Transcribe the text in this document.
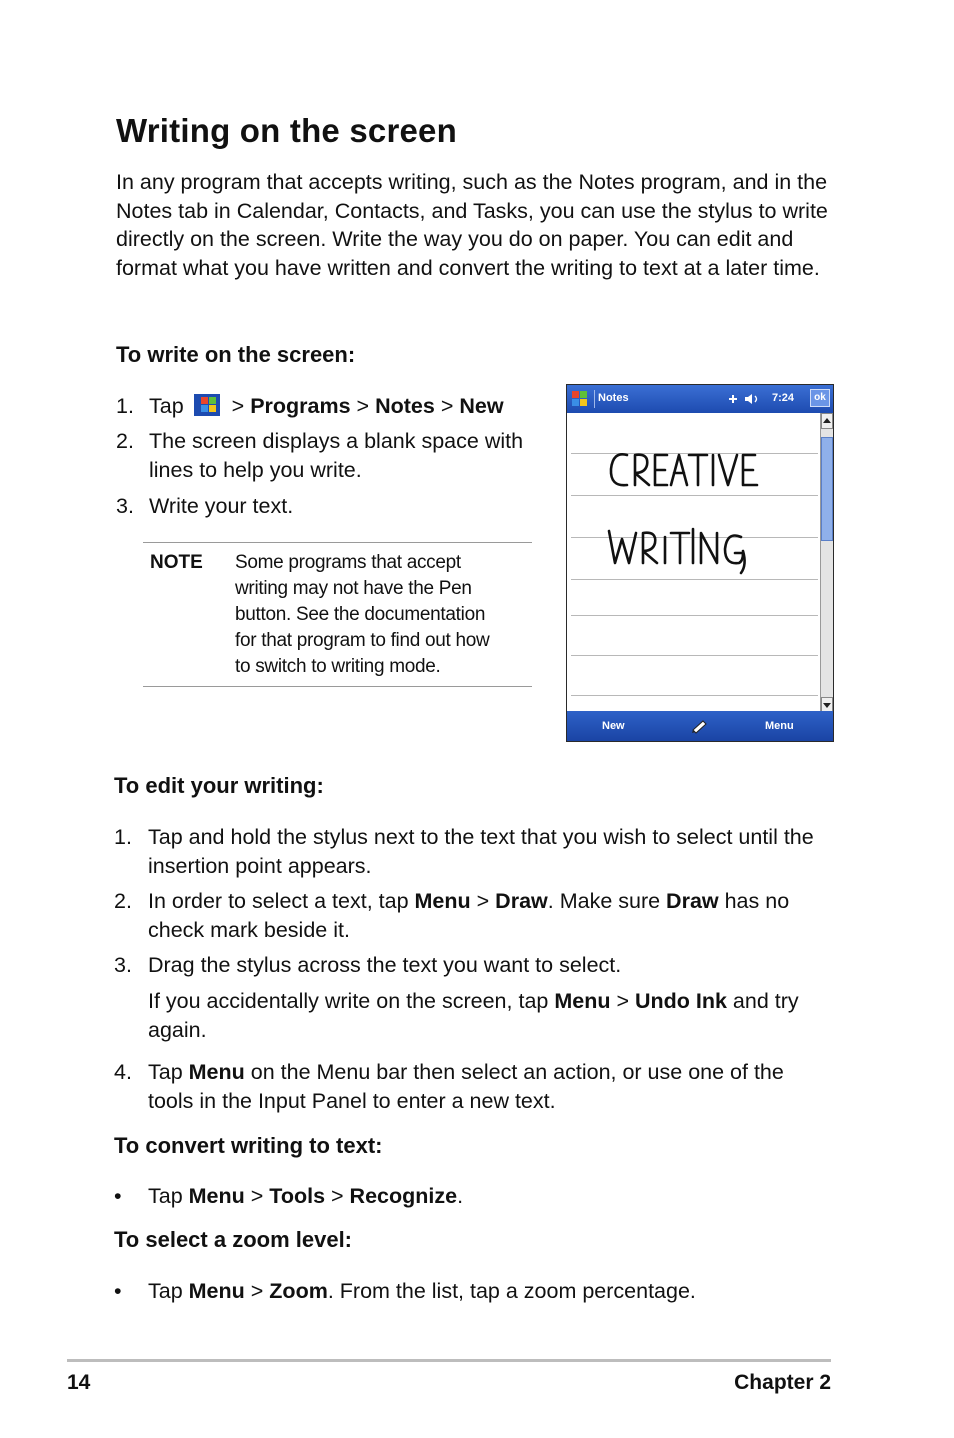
Writing on the screen

In any program that accepts writing, such as the Notes program, and in the Notes tab in Calendar, Contacts, and Tasks, you can use the stylus to write directly on the screen. Write the way you do on paper. You can edit and format what you have written and convert the writing to text at a later time.

To write on the screen:
1. Tap > Programs > Notes > New
2. The screen displays a blank space with lines to help you write.
3. Write your text.
NOTE Some programs that accept writing may not have the Pen button. See the documentation for that program to find out how to switch to writing mode.
Notes	7:24	ok
New	Menu
To edit your writing:
1. Tap and hold the stylus next to the text that you wish to select until the insertion point appears.
2. In order to select a text, tap Menu > Draw. Make sure Draw has no check mark beside it.
3. Drag the stylus across the text you want to select.
If you accidentally write on the screen, tap Menu > Undo Ink and try again.
4. Tap Menu on the Menu bar then select an action, or use one of the tools in the Input Panel to enter a new text.
To convert writing to text:
•	Tap Menu > Tools > Recognize.
To select a zoom level:
•	Tap Menu > Zoom. From the list, tap a zoom percentage.
14	Chapter 2
